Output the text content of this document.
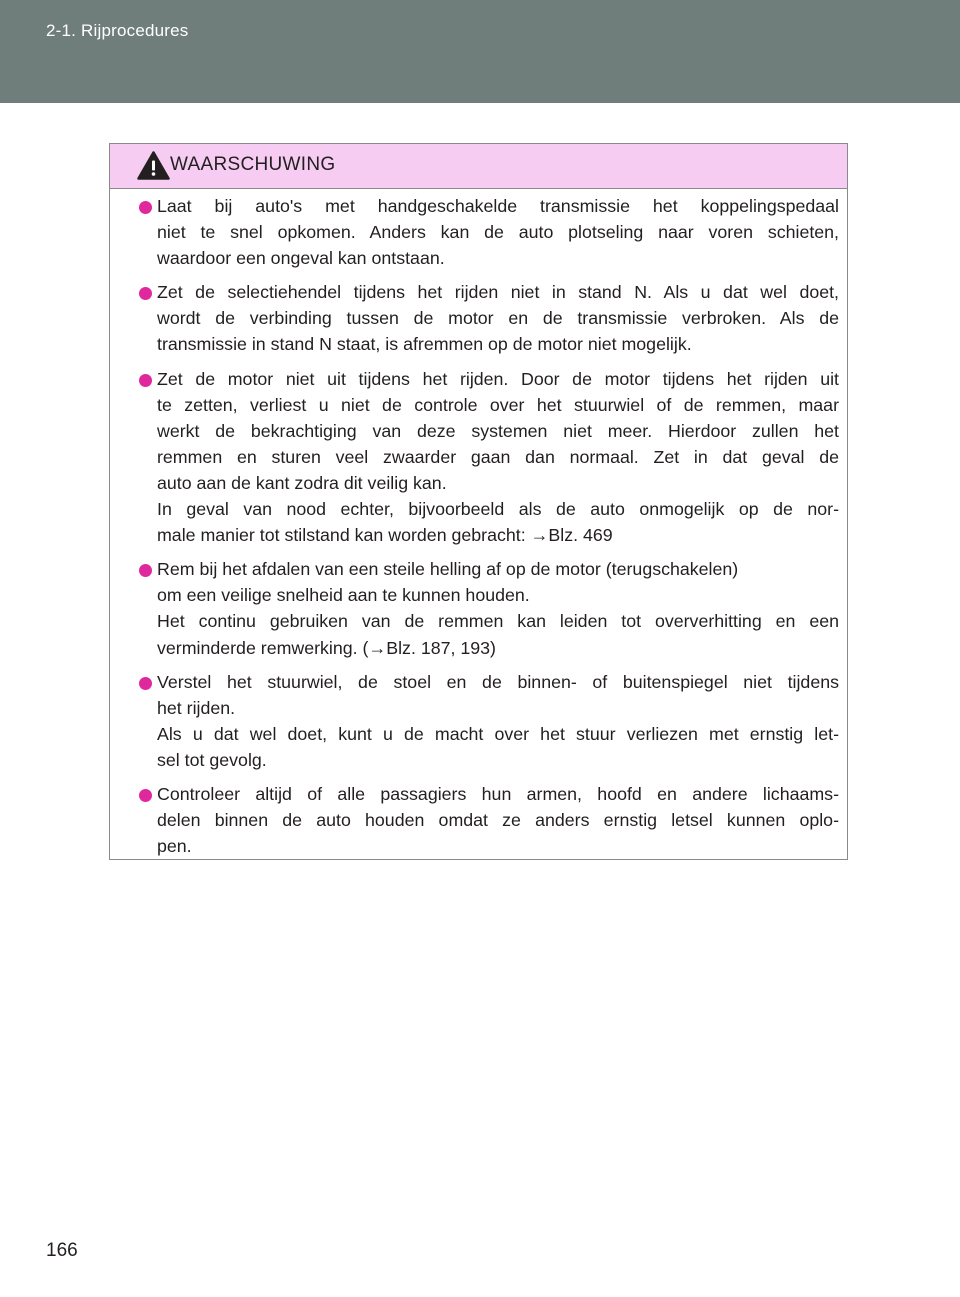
2-1. Rijprocedures
WAARSCHUWING

Laat bij auto's met handgeschakelde transmissie het koppelingspedaal

niet te snel opkomen. Anders kan de auto plotseling naar voren schieten,

waardoor een ongeval kan ontstaan.

Zet de selectiehendel tijdens het rijden niet in stand N. Als u dat wel doet,

wordt de verbinding tussen de motor en de transmissie verbroken. Als de

transmissie in stand N staat, is afremmen op de motor niet mogelijk.

Zet de motor niet uit tijdens het rijden. Door de motor tijdens het rijden uit

te zetten, verliest u niet de controle over het stuurwiel of de remmen, maar

werkt de bekrachtiging van deze systemen niet meer. Hierdoor zullen het

remmen en sturen veel zwaarder gaan dan normaal. Zet in dat geval de

auto aan de kant zodra dit veilig kan.

In geval van nood echter, bijvoorbeeld als de auto onmogelijk op de nor-

male manier tot stilstand kan worden gebracht: →Blz. 469

Rem bij het afdalen van een steile helling af op de motor (terugschakelen)

om een veilige snelheid aan te kunnen houden.

Het continu gebruiken van de remmen kan leiden tot oververhitting en een

verminderde remwerking. (→Blz. 187, 193)

Verstel het stuurwiel, de stoel en de binnen- of buitenspiegel niet tijdens

het rijden.

Als u dat wel doet, kunt u de macht over het stuur verliezen met ernstig let-

sel tot gevolg.

Controleer altijd of alle passagiers hun armen, hoofd en andere lichaams-

delen binnen de auto houden omdat ze anders ernstig letsel kunnen oplo-

pen.

166
